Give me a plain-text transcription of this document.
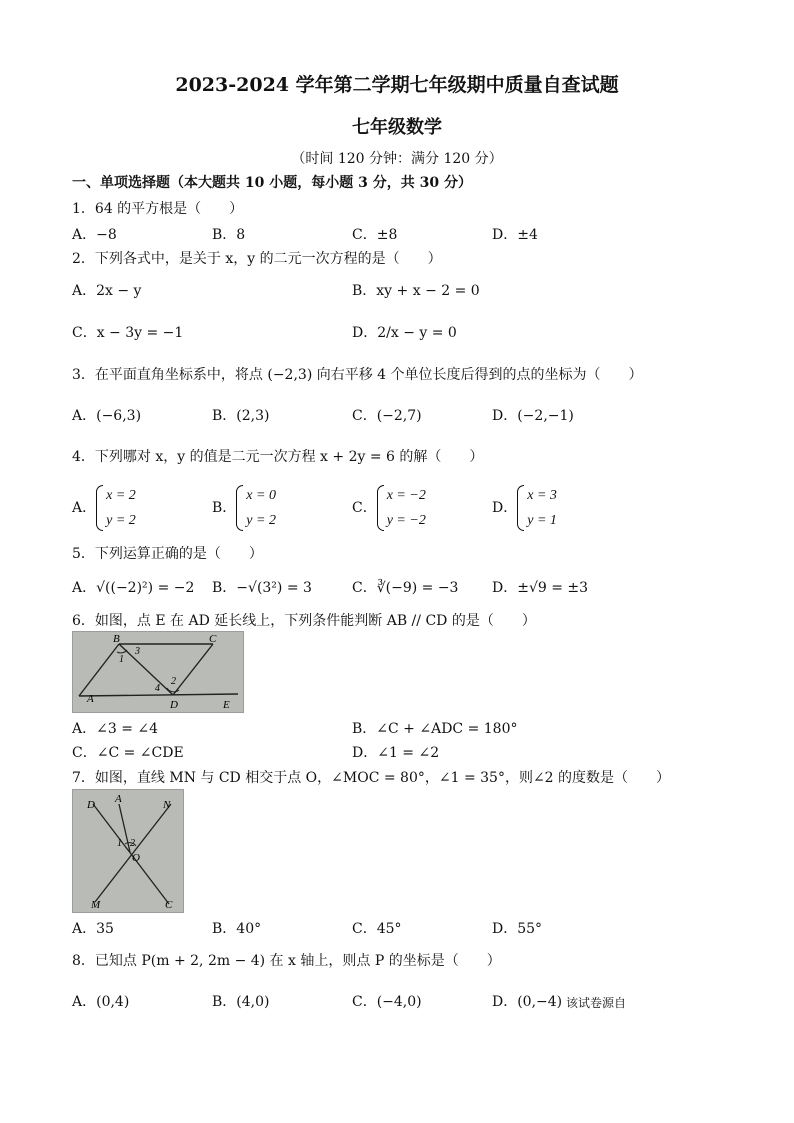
2023-2024 学年第二学期七年级期中质量自查试题
七年级数学
（时间 120 分钟：满分 120 分）
一、单项选择题（本大题共 10 小题，每小题 3 分，共 30 分）
1．64 的平方根是（　　）
A．−8	B．8	C．±8	D．±4
2．下列各式中，是关于 x，y 的二元一次方程的是（　　）
A．2x − y	B．xy + x − 2 = 0
C．x − 3y = −1	D．2/x − y = 0
3．在平面直角坐标系中，将点 (−2,3) 向右平移 4 个单位长度后得到的点的坐标为（　　）
A．(−6,3)	B．(2,3)	C．(−2,7)	D．(−2,−1)
4．下列哪对 x，y 的值是二元一次方程 x + 2y = 6 的解（　　）
A．x = 2
y = 2
B．x = 0
y = 2
C．x = −2
y = −2
D．x = 3
y = 1
5．下列运算正确的是（　　）
A．√((−2)²) = −2 B．−√(3²) = 3	C．∛(−9) = −3 D．±√9 = ±3
6．如图，点 E 在 AD 延长线上，下列条件能判断 AB // CD 的是（　　）
B	C
1
3
2
4
A	D	E
A．∠3 = ∠4	B．∠C + ∠ADC = 180°
C．∠C = ∠CDE	D．∠1 = ∠2
7．如图，直线 MN 与 CD 相交于点 O，∠MOC = 80°，∠1 = 35°，则∠2 的度数是（　　）
D A	N
1 2
O
M	C
A．35	B．40°	C．45°	D．55°
8．已知点 P(m + 2, 2m − 4) 在 x 轴上，则点 P 的坐标是（　　）
A．(0,4)	B．(4,0)	C．(−4,0)	D．(0,−4) 该试卷源自
